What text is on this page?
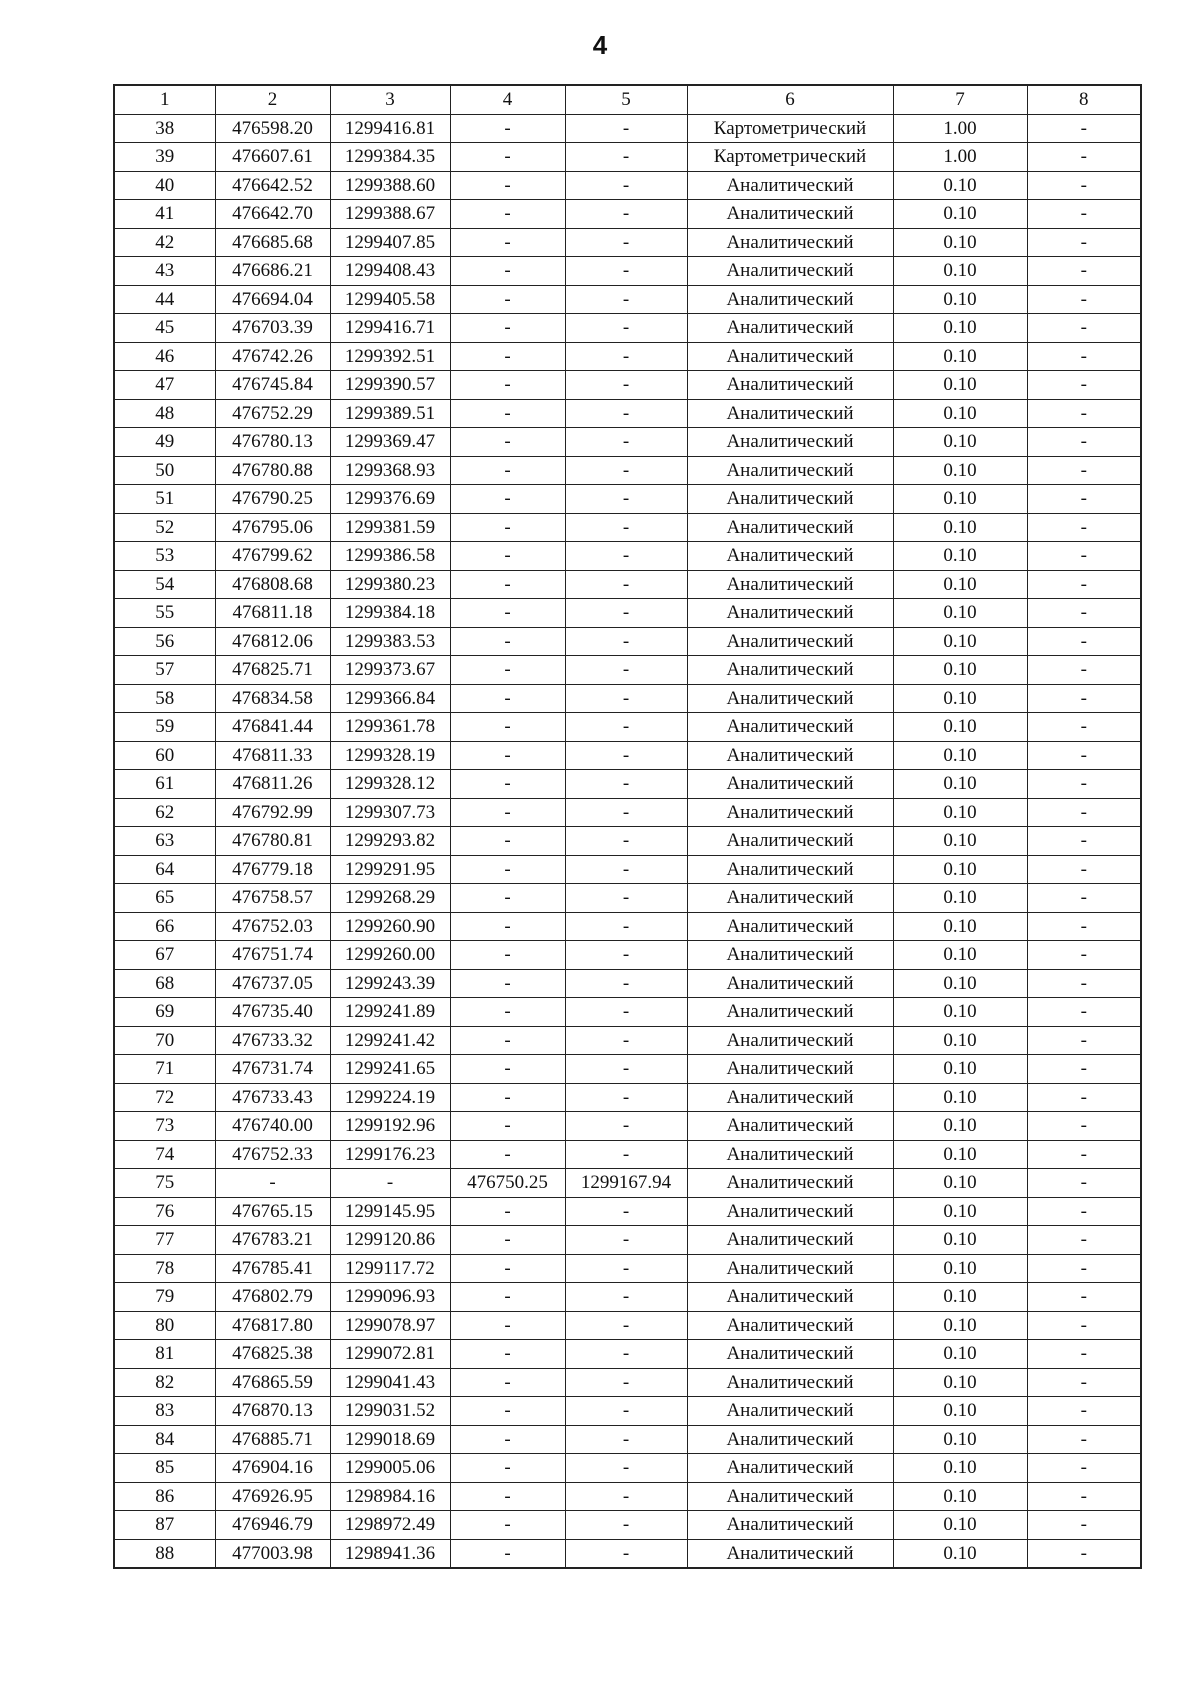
4
1	2	3	4	5	6	7	8
38	476598.20	1299416.81	-	-	Картометрический	1.00	-
39	476607.61	1299384.35	-	-	Картометрический	1.00	-
40	476642.52	1299388.60	-	-	Аналитический	0.10	-
41	476642.70	1299388.67	-	-	Аналитический	0.10	-
42	476685.68	1299407.85	-	-	Аналитический	0.10	-
43	476686.21	1299408.43	-	-	Аналитический	0.10	-
44	476694.04	1299405.58	-	-	Аналитический	0.10	-
45	476703.39	1299416.71	-	-	Аналитический	0.10	-
46	476742.26	1299392.51	-	-	Аналитический	0.10	-
47	476745.84	1299390.57	-	-	Аналитический	0.10	-
48	476752.29	1299389.51	-	-	Аналитический	0.10	-
49	476780.13	1299369.47	-	-	Аналитический	0.10	-
50	476780.88	1299368.93	-	-	Аналитический	0.10	-
51	476790.25	1299376.69	-	-	Аналитический	0.10	-
52	476795.06	1299381.59	-	-	Аналитический	0.10	-
53	476799.62	1299386.58	-	-	Аналитический	0.10	-
54	476808.68	1299380.23	-	-	Аналитический	0.10	-
55	476811.18	1299384.18	-	-	Аналитический	0.10	-
56	476812.06	1299383.53	-	-	Аналитический	0.10	-
57	476825.71	1299373.67	-	-	Аналитический	0.10	-
58	476834.58	1299366.84	-	-	Аналитический	0.10	-
59	476841.44	1299361.78	-	-	Аналитический	0.10	-
60	476811.33	1299328.19	-	-	Аналитический	0.10	-
61	476811.26	1299328.12	-	-	Аналитический	0.10	-
62	476792.99	1299307.73	-	-	Аналитический	0.10	-
63	476780.81	1299293.82	-	-	Аналитический	0.10	-
64	476779.18	1299291.95	-	-	Аналитический	0.10	-
65	476758.57	1299268.29	-	-	Аналитический	0.10	-
66	476752.03	1299260.90	-	-	Аналитический	0.10	-
67	476751.74	1299260.00	-	-	Аналитический	0.10	-
68	476737.05	1299243.39	-	-	Аналитический	0.10	-
69	476735.40	1299241.89	-	-	Аналитический	0.10	-
70	476733.32	1299241.42	-	-	Аналитический	0.10	-
71	476731.74	1299241.65	-	-	Аналитический	0.10	-
72	476733.43	1299224.19	-	-	Аналитический	0.10	-
73	476740.00	1299192.96	-	-	Аналитический	0.10	-
74	476752.33	1299176.23	-	-	Аналитический	0.10	-
75	-	-	476750.25	1299167.94	Аналитический	0.10	-
76	476765.15	1299145.95	-	-	Аналитический	0.10	-
77	476783.21	1299120.86	-	-	Аналитический	0.10	-
78	476785.41	1299117.72	-	-	Аналитический	0.10	-
79	476802.79	1299096.93	-	-	Аналитический	0.10	-
80	476817.80	1299078.97	-	-	Аналитический	0.10	-
81	476825.38	1299072.81	-	-	Аналитический	0.10	-
82	476865.59	1299041.43	-	-	Аналитический	0.10	-
83	476870.13	1299031.52	-	-	Аналитический	0.10	-
84	476885.71	1299018.69	-	-	Аналитический	0.10	-
85	476904.16	1299005.06	-	-	Аналитический	0.10	-
86	476926.95	1298984.16	-	-	Аналитический	0.10	-
87	476946.79	1298972.49	-	-	Аналитический	0.10	-
88	477003.98	1298941.36	-	-	Аналитический	0.10	-
